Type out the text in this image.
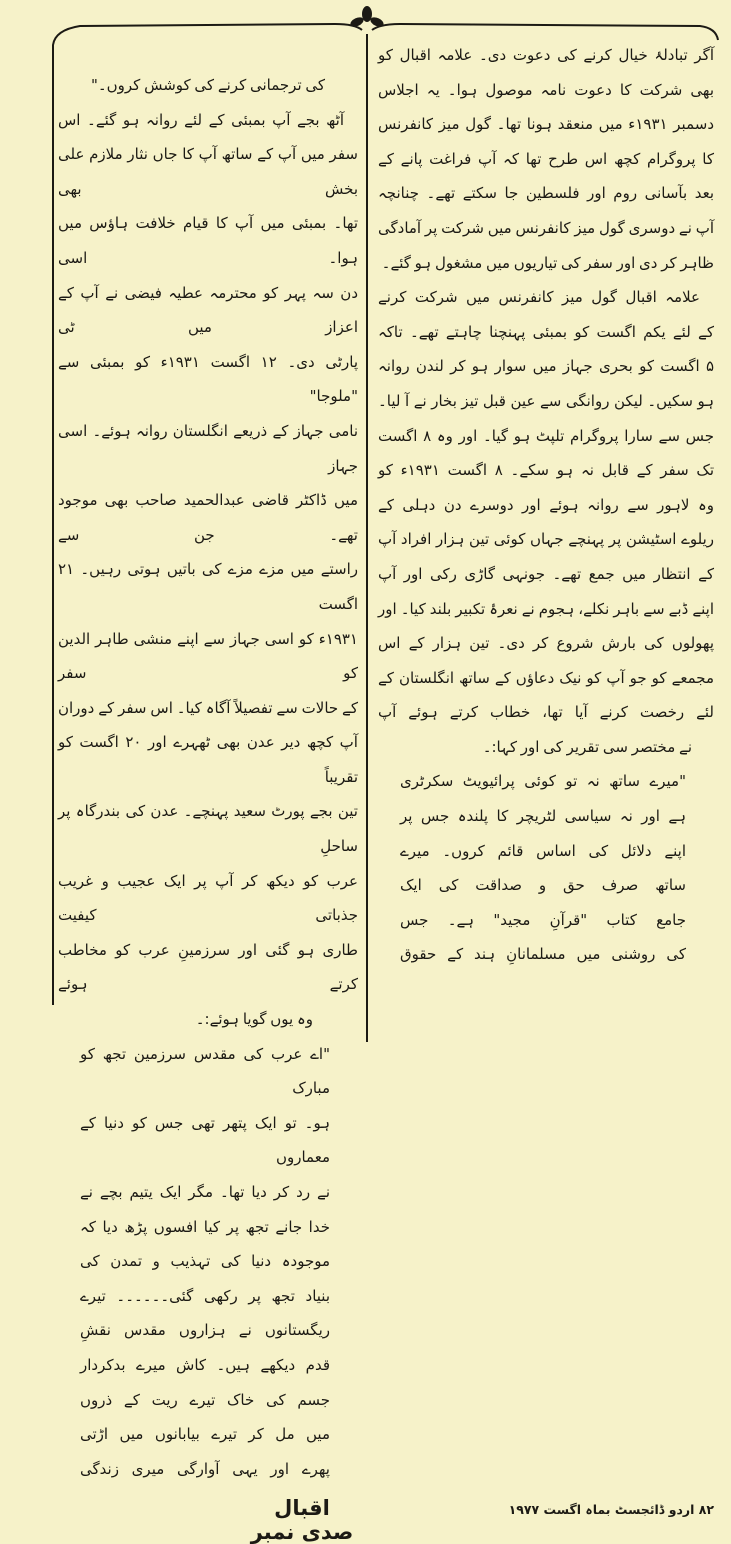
آگر تبادلۂ خیال کرنے کی دعوت دی۔ علامہ اقبال کو
بھی شرکت کا دعوت نامہ موصول ہوا۔ یہ اجلاس
دسمبر ۱۹۳۱ء میں منعقد ہونا تھا۔ گول میز کانفرنس
کا پروگرام کچھ اس طرح تھا کہ آپ فراغت پانے کے
بعد بآسانی روم اور فلسطین جا سکتے تھے۔ چنانچہ
آپ نے دوسری گول میز کانفرنس میں شرکت پر آمادگی
ظاہر کر دی اور سفر کی تیاریوں میں مشغول ہو گئے۔
علامہ اقبال گول میز کانفرنس میں شرکت کرنے
کے لئے یکم اگست کو بمبئی پہنچنا چاہتے تھے۔ تاکہ
۵ اگست کو بحری جہاز میں سوار ہو کر لندن روانہ
ہو سکیں۔ لیکن روانگی سے عین قبل تیز بخار نے آ لیا۔
جس سے سارا پروگرام تلپٹ ہو گیا۔ اور وہ ۸ اگست
تک سفر کے قابل نہ ہو سکے۔ ۸ اگست ۱۹۳۱ء کو
وہ لاہور سے روانہ ہوئے اور دوسرے دن دہلی کے
ریلوے اسٹیشن پر پہنچے جہاں کوئی تین ہزار افراد آپ
کے انتظار میں جمع تھے۔ جونہی گاڑی رکی اور آپ
اپنے ڈبے سے باہر نکلے، ہجوم نے نعرۂ تکبیر بلند کیا۔ اور
پھولوں کی بارش شروع کر دی۔ تین ہزار کے اس
مجمعے کو جو آپ کو نیک دعاؤں کے ساتھ انگلستان کے
لئے رخصت کرنے آیا تھا، خطاب کرتے ہوئے آپ
نے مختصر سی تقریر کی اور کہا:۔
"میرے ساتھ نہ تو کوئی پرائیویٹ سکرٹری
ہے اور نہ سیاسی لٹریچر کا پلندہ جس پر
اپنے دلائل کی اساس قائم کروں۔ میرے
ساتھ صرف حق و صداقت کی ایک
جامع کتاب "قرآنِ مجید" ہے۔ جس
کی روشنی میں مسلمانانِ ہند کے حقوق
کی ترجمانی کرنے کی کوشش کروں۔"
آٹھ بجے آپ بمبئی کے لئے روانہ ہو گئے۔ اس
سفر میں آپ کے ساتھ آپ کا جاں نثار ملازم علی بخش بھی
تھا۔ بمبئی میں آپ کا قیام خلافت ہاؤس میں ہوا۔ اسی
دن سہ پہر کو محترمہ عطیہ فیضی نے آپ کے اعزاز میں ٹی
پارٹی دی۔ ۱۲ اگست ۱۹۳۱ء کو بمبئی سے "ملوجا"
نامی جہاز کے ذریعے انگلستان روانہ ہوئے۔ اسی جہاز
میں ڈاکٹر قاضی عبدالحمید صاحب بھی موجود تھے۔ جن سے
راستے میں مزے مزے کی باتیں ہوتی رہیں۔ ۲۱ اگست
۱۹۳۱ء کو اسی جہاز سے اپنے منشی طاہر الدین کو سفر
کے حالات سے تفصیلاً آگاہ کیا۔ اس سفر کے دوران
آپ کچھ دیر عدن بھی ٹھہرے اور ۲۰ اگست کو تقریباً
تین بجے پورٹ سعید پہنچے۔ عدن کی بندرگاہ پر ساحلِ
عرب کو دیکھ کر آپ پر ایک عجیب و غریب جذباتی کیفیت
طاری ہو گئی اور سرزمینِ عرب کو مخاطب کرتے ہوئے
وہ یوں گویا ہوئے:۔
"اے عرب کی مقدس سرزمین تجھ کو مبارک
ہو۔ تو ایک پتھر تھی جس کو دنیا کے معماروں
نے رد کر دیا تھا۔ مگر ایک یتیم بچے نے
خدا جانے تجھ پر کیا افسوں پڑھ دیا کہ
موجودہ دنیا کی تہذیب و تمدن کی
بنیاد تجھ پر رکھی گئی۔۔۔۔۔۔ تیرے
ریگستانوں نے ہزاروں مقدس نقشِ
قدم دیکھے ہیں۔ کاش میرے بدکردار
جسم کی خاک تیرے ریت کے ذروں
میں مل کر تیرے بیابانوں میں اڑتی
پھرے اور یہی آوارگی میری زندگی
۸۲ اردو ڈائجسٹ بماہ اگست ۱۹۷۷
اقبال صدی نمبر
